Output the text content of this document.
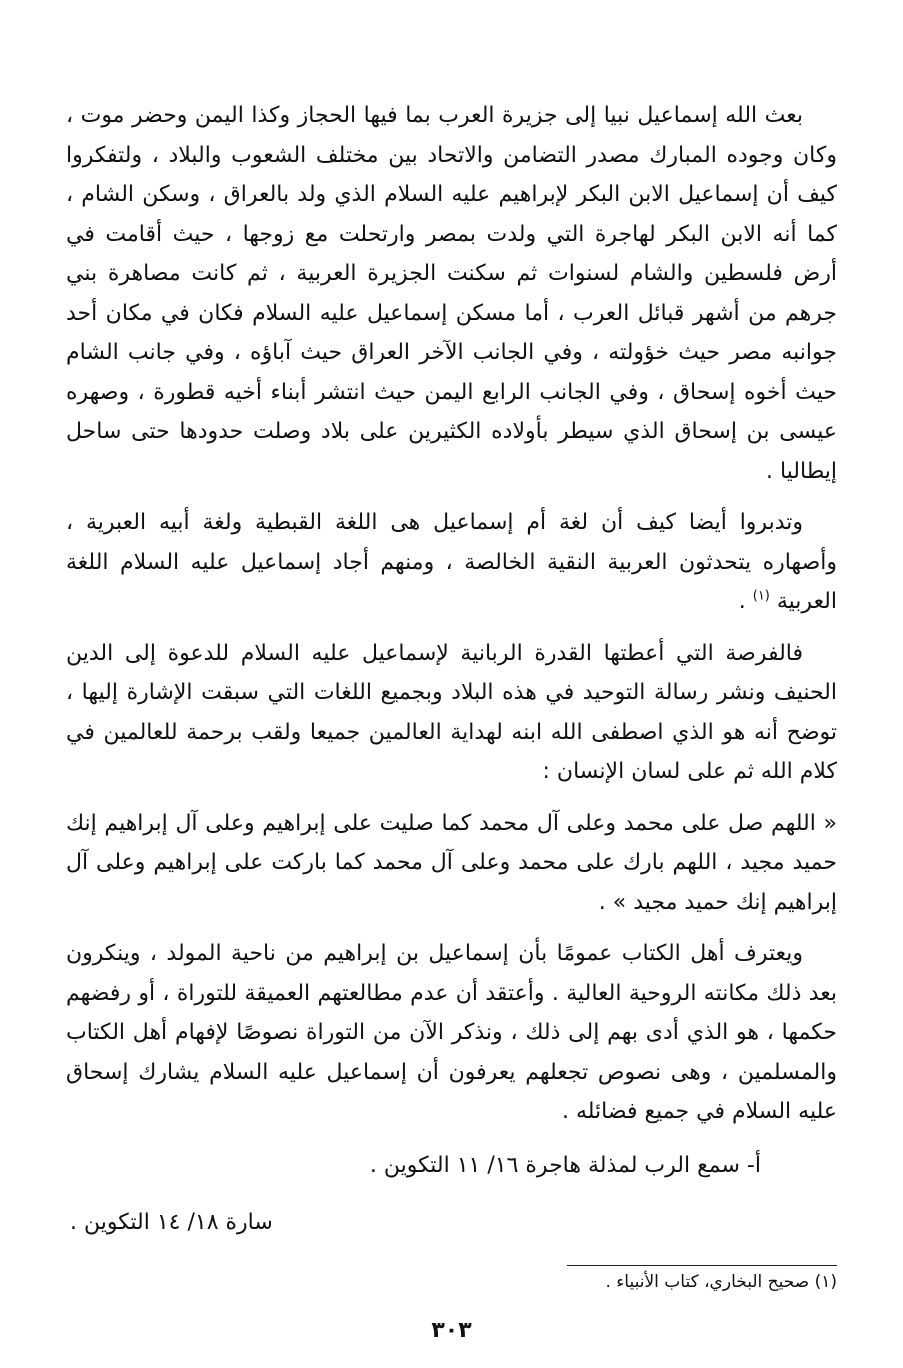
بعث الله إسماعيل نبيا إلى جزيرة العرب بما فيها الحجاز وكذا اليمن وحضر موت ، وكان وجوده المبارك مصدر التضامن والاتحاد بين مختلف الشعوب والبلاد ، ولتفكروا كيف أن إسماعيل الابن البكر لإبراهيم عليه السلام الذي ولد بالعراق ، وسكن الشام ، كما أنه الابن البكر لهاجرة التي ولدت بمصر وارتحلت مع زوجها ، حيث أقامت في أرض فلسطين والشام لسنوات ثم سكنت الجزيرة العربية ، ثم كانت مصاهرة بني جرهم من أشهر قبائل العرب ، أما مسكن إسماعيل عليه السلام فكان في مكان أحد جوانبه مصر حيث خؤولته ، وفي الجانب الآخر العراق حيث آباؤه ، وفي جانب الشام حيث أخوه إسحاق ، وفي الجانب الرابع اليمن حيث انتشر أبناء أخيه قطورة ، وصهره عيسى بن إسحاق الذي سيطر بأولاده الكثيرين على بلاد وصلت حدودها حتى ساحل إيطاليا .

وتدبروا أيضا كيف أن لغة أم إسماعيل هى اللغة القبطية ولغة أبيه العبرية ، وأصهاره يتحدثون العربية النقية الخالصة ، ومنهم أجاد إسماعيل عليه السلام اللغة العربية $^{(١)}$ .

فالفرصة التي أعطتها القدرة الربانية لإسماعيل عليه السلام للدعوة إلى الدين الحنيف ونشر رسالة التوحيد في هذه البلاد وبجميع اللغات التي سبقت الإشارة إليها ، توضح أنه هو الذي اصطفى الله ابنه لهداية العالمين جميعا ولقب برحمة للعالمين في كلام الله ثم على لسان الإنسان :

« اللهم صل على محمد وعلى آل محمد كما صليت على إبراهيم وعلى آل إبراهيم إنك حميد مجيد ، اللهم بارك على محمد وعلى آل محمد كما باركت على إبراهيم وعلى آل إبراهيم إنك حميد مجيد » .

ويعترف أهل الكتاب عمومًا بأن إسماعيل بن إبراهيم من ناحية المولد ، وينكرون بعد ذلك مكانته الروحية العالية . وأعتقد أن عدم مطالعتهم العميقة للتوراة ، أو رفضهم حكمها ، هو الذي أدى بهم إلى ذلك ، ونذكر الآن من التوراة نصوصًا لإفهام أهل الكتاب والمسلمين ، وهى نصوص تجعلهم يعرفون أن إسماعيل عليه السلام يشارك إسحاق عليه السلام في جميع فضائله .

أ- سمع الرب لمذلة هاجرة ١٦/ ١١ التكوين .

سارة ١٨/ ١٤ التكوين .

(١) صحيح البخاري، كتاب الأنبياء .

٣٠٣
